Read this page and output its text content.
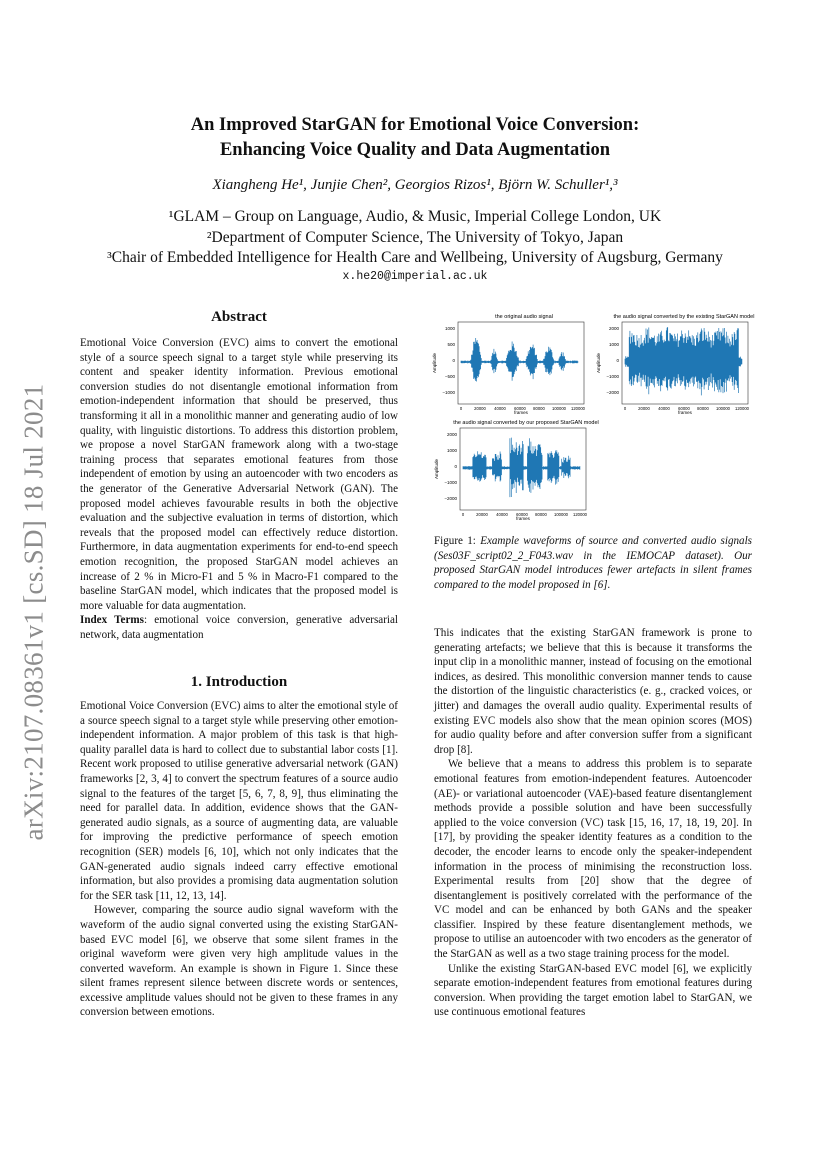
arXiv:2107.08361v1 [cs.SD] 18 Jul 2021
An Improved StarGAN for Emotional Voice Conversion:
Enhancing Voice Quality and Data Augmentation
Xiangheng He¹, Junjie Chen², Georgios Rizos¹, Björn W. Schuller¹,³
¹GLAM – Group on Language, Audio, & Music, Imperial College London, UK
²Department of Computer Science, The University of Tokyo, Japan
³Chair of Embedded Intelligence for Health Care and Wellbeing, University of Augsburg, Germany
x.he20@imperial.ac.uk
Abstract

Emotional Voice Conversion (EVC) aims to convert the emotional style of a source speech signal to a target style while preserving its content and speaker identity information. Previous emotional conversion studies do not disentangle emotional information from emotion-independent information that should be preserved, thus transforming it all in a monolithic manner and generating audio of low quality, with linguistic distortions. To address this distortion problem, we propose a novel StarGAN framework along with a two-stage training process that separates emotional features from those independent of emotion by using an autoencoder with two encoders as the generator of the Generative Adversarial Network (GAN). The proposed model achieves favourable results in both the objective evaluation and the subjective evaluation in terms of distortion, which reveals that the proposed model can effectively reduce distortion. Furthermore, in data augmentation experiments for end-to-end speech emotion recognition, the proposed StarGAN model achieves an increase of 2 % in Micro-F1 and 5 % in Macro-F1 compared to the baseline StarGAN model, which indicates that the proposed model is more valuable for data augmentation.

Index Terms: emotional voice conversion, generative adversarial network, data augmentation

1. Introduction

Emotional Voice Conversion (EVC) aims to alter the emotional style of a source speech signal to a target style while preserving other emotion-independent information. A major problem of this task is that high-quality parallel data is hard to collect due to substantial labor costs [1]. Recent work proposed to utilise generative adversarial network (GAN) frameworks [2, 3, 4] to convert the spectrum features of a source audio signal to the features of the target [5, 6, 7, 8, 9], thus eliminating the need for parallel data. In addition, evidence shows that the GAN-generated audio signals, as a source of augmenting data, are valuable for improving the predictive performance of speech emotion recognition (SER) models [6, 10], which not only indicates that the GAN-generated audio signals indeed carry effective emotional information, but also provides a promising data augmentation solution for the SER task [11, 12, 13, 14].

However, comparing the source audio signal waveform with the waveform of the audio signal converted using the existing StarGAN-based EVC model [6], we observe that some silent frames in the original waveform were given very high amplitude values in the converted waveform. An example is shown in Figure 1. Since these silent frames represent silence between discrete words or sentences, excessive amplitude values should not be given to these frames in any conversion between emotions.

the original audio signal
1000
500
0
−500
−1000
Amplitude
0	20000 40000 60000 80000 100000 120000
frames
the audio signal converted by the existing StarGAN model
2000
1000
0
−1000
−2000
Amplitude
0	20000 40000 60000 80000 100000 120000
frames
the audio signal converted by our proposed StarGAN model
2000
1000
0
−1000
−2000
Amplitude
0	20000 40000 60000 80000 100000 120000
frames

Figure 1: Example waveforms of source and converted audio signals (Ses03F_script02_2_F043.wav in the IEMOCAP dataset). Our proposed StarGAN model introduces fewer artefacts in silent frames compared to the model proposed in [6].

This indicates that the existing StarGAN framework is prone to generating artefacts; we believe that this is because it transforms the input clip in a monolithic manner, instead of focusing on the emotional indices, as desired. This monolithic conversion manner tends to cause the distortion of the linguistic characteristics (e. g., cracked voices, or jitter) and damages the overall audio quality. Experimental results of existing EVC models also show that the mean opinion scores (MOS) for audio quality before and after conversion suffer from a significant drop [8].

We believe that a means to address this problem is to separate emotional features from emotion-independent features. Autoencoder (AE)- or variational autoencoder (VAE)-based feature disentanglement methods provide a possible solution and have been successfully applied to the voice conversion (VC) task [15, 16, 17, 18, 19, 20]. In [17], by providing the speaker identity features as a condition to the decoder, the encoder learns to encode only the speaker-independent information in the process of minimising the reconstruction loss. Experimental results from [20] show that the degree of disentanglement is positively correlated with the performance of the VC model and can be enhanced by both GANs and the speaker classifier. Inspired by these feature disentanglement methods, we propose to utilise an autoencoder with two encoders as the generator of the StarGAN as well as a two stage training process for the model.

Unlike the existing StarGAN-based EVC model [6], we explicitly separate emotion-independent features from emotional features during conversion. When providing the target emotion label to StarGAN, we use continuous emotional features
